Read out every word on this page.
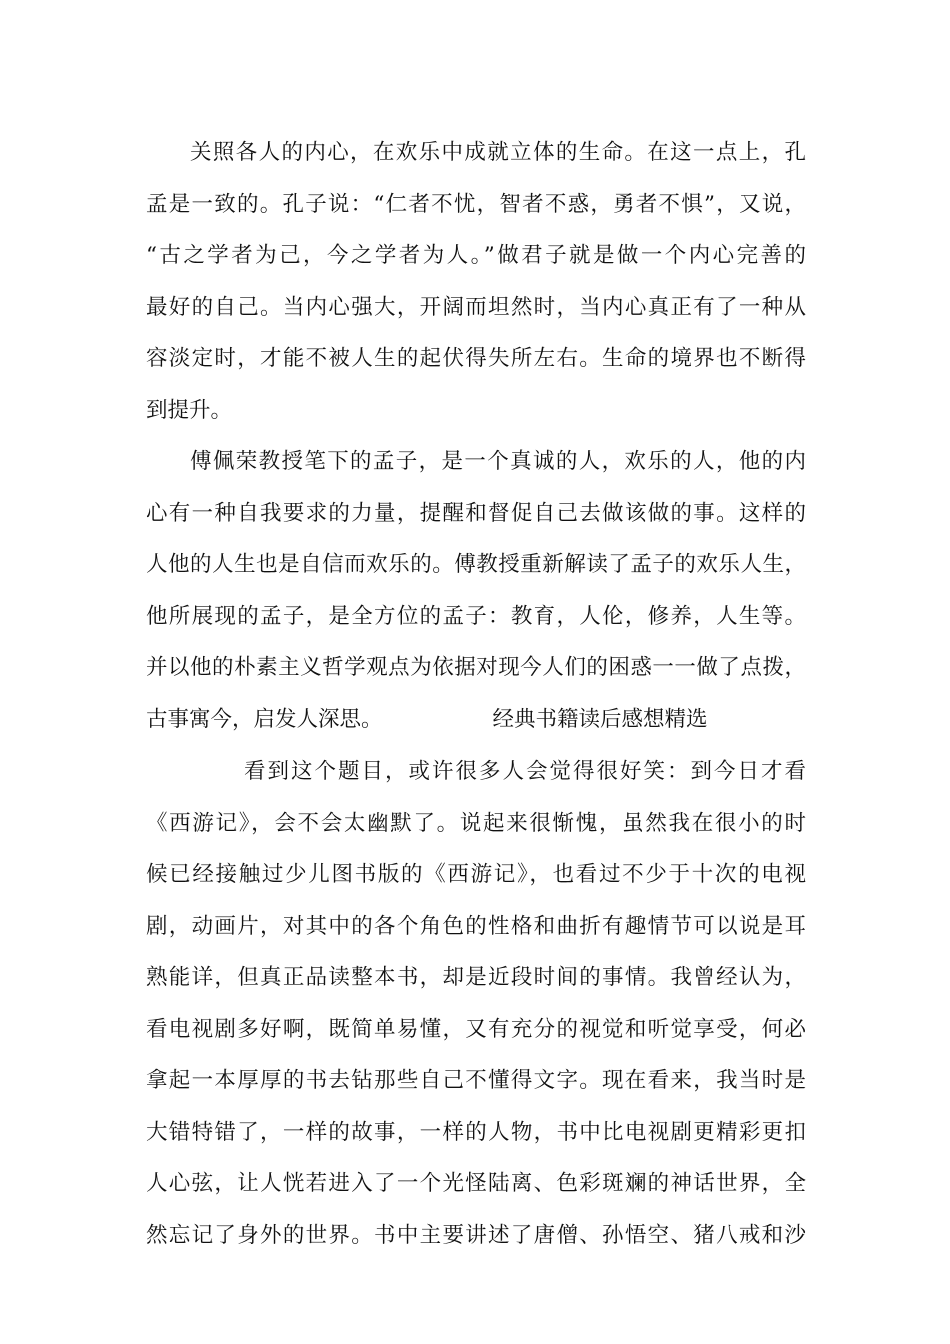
关照各人的内心，在欢乐中成就立体的生命。在这一点上，孔
孟是一致的。孔子说：“仁者不忧，智者不惑，勇者不惧”，又说，
“古之学者为己，今之学者为人。”做君子就是做一个内心完善的
最好的自己。当内心强大，开阔而坦然时，当内心真正有了一种从
容淡定时，才能不被人生的起伏得失所左右。生命的境界也不断得
到提升。
傅佩荣教授笔下的孟子，是一个真诚的人，欢乐的人，他的内
心有一种自我要求的力量，提醒和督促自己去做该做的事。这样的
人他的人生也是自信而欢乐的。傅教授重新解读了孟子的欢乐人生，
他所展现的孟子，是全方位的孟子：教育，人伦，修养，人生等。
并以他的朴素主义哲学观点为依据对现今人们的困惑一一做了点拨，
古事寓今，启发人深思。	经典书籍读后感想精选
看到这个题目，或许很多人会觉得很好笑：到今日才看
《西游记》，会不会太幽默了。说起来很惭愧，虽然我在很小的时
候已经接触过少儿图书版的《西游记》，也看过不少于十次的电视
剧，动画片，对其中的各个角色的性格和曲折有趣情节可以说是耳
熟能详，但真正品读整本书，却是近段时间的事情。我曾经认为，
看电视剧多好啊，既简单易懂，又有充分的视觉和听觉享受，何必
拿起一本厚厚的书去钻那些自己不懂得文字。现在看来，我当时是
大错特错了，一样的故事，一样的人物，书中比电视剧更精彩更扣
人心弦，让人恍若进入了一个光怪陆离、色彩斑斓的神话世界，全
然忘记了身外的世界。书中主要讲述了唐僧、孙悟空、猪八戒和沙
